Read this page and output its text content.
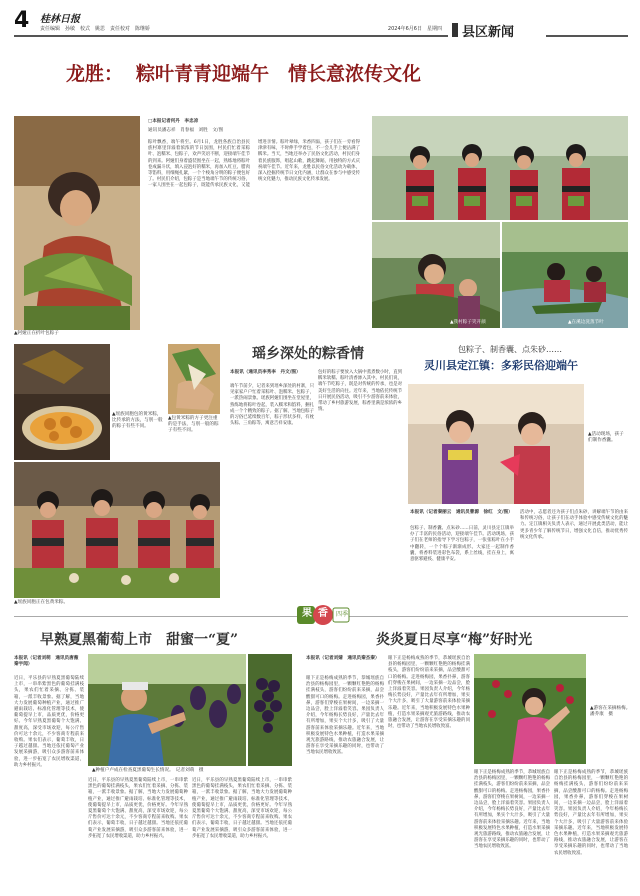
4	桂林日报
责任编辑　孙敏　校式　姚思　责任校对　陈继娇	2024年6月6日　星期四 县区新闻
龙胜： 粽叶青青迎端午　情长意浓传文化
▲阿娅正在折叶包粽子
□本报记者何丹　李忠凉
通讯员潘志祥　肖春福　刘胜　文/图
粽叶飘香，端午将至。6月1日，龙胜各族自治县民族村寨里洋溢着浓浓的节日氛围，村民们忙着采粽叶、泡糯米、包粽子，欢声笑语不断，迎接端午佳节的到来。阿娅们身着盛装围坐在一起，熟练地将粽叶卷成漏斗状，填入浸泡好的糯米，再加入红豆、腊肉等馅料，用细绳扎紧，一个个棱角分明的粽子便包好了。村民们介绍，包粽子是当地端午节的传统习俗，一家人围坐在一起包粽子，既能传承民族文化，又能增进亲情。粽叶翠绿，米香四溢，孩子们在一旁看得津津有味，不时伸手学着包，不一会儿手上便沾满了糯米。当天，当地还举办了民俗文化活动，村民们身着民族服饰，唱起山歌，跳起舞蹈，用独特的方式庆祝端午佳节。近年来，龙胜以民俗文化活动为载体，深入挖掘传统节日文化内涵，让群众在参与中感受传统文化魅力，推动民族文化传承发展。
▲我村粽子笑开颜	▲在溪边洗蒸节叶
▲瑶族同胞包的黄米粽，比传承的方法，与别一般的粽子有些不同。
▲包黄米粽的方子更注重的是手法，与别一般的粽子有些不同。
▲瑶族同胞正在包黄米粽。
瑶乡深处的粽香情
本报讯（通讯员李秀李　丹文/图）
端午节前夕，记者来到瑶乡深处的村寨，只见家家户户忙着采粽叶、泡糯米、包粽子，一派热闹景象。瑶族阿娅们围坐在堂屋里，熟练地将粽叶卷起，装入糯米和馅料，捆扎成一个个精致的粽子。据了解，当地包粽子的习俗已延续数百年，粽子形状多样，有枕头粽、三角粽等，寓意吉祥安康。
包好的粽子要放入大锅中蒸煮数小时，直到糯米软糯、粽叶清香渗入其中。村民们说，端午节吃粽子，既是对传统的传承，也是对美好生活的向往。近年来，当地依托传统节日开展民俗活动，吸引不少游客前来体验，带动了乡村旅游发展，粽香里满是浓浓的乡情。
包粽子、制香囊、点朱砂……
灵川县定江镇：多彩民俗迎端午
▲活动现场，孩子们制作香囊。
本报讯（记者秦丽云　通讯员曹源　徐红　文/图）
包粽子、制香囊、点朱砂……日前，灵川县定江镇举办了丰富的民俗活动，迎接端午佳节。活动现场，孩子们在老师的指导下学习包粽子，一张张粽叶在小手中翻转，一个个粽子渐渐成形。大家还一起制作香囊，将香料装进彩色布袋，系上丝线，挂在身上，寓意驱邪避疫、健康平安。
活动中，志愿者还为孩子们点朱砂，讲解端午节的由来和传统习俗，让孩子们在动手体验中感受传统文化的魅力。定江镇相关负责人表示，通过开展此类活动，能让更多青少年了解传统节日，增强文化自信，推动优秀传统文化传承。
果 香	四季
早熟夏黑葡萄上市　甜蜜一“夏”
本报讯（记者刘萌　通讯员唐薇　秦宇闻）
近日，平乐县的早熟夏黑葡萄陆续上市，一串串紫黑色的葡萄挂满枝头，果农们忙着采摘、分拣、装箱，一派丰收景象。据了解，当地大力发展葡萄种植产业，通过推广避雨栽培、标准化管理等技术，使葡萄提早上市，品质更优，价格更好。今年早熟夏黑葡萄个大饱满、甜度高，深受市场欢迎，每公斤售价可达十余元，不少客商专程前来收购。果农们表示，葡萄丰收，日子越过越甜。当地还依托葡萄产业发展采摘游，吸引众多游客前来体验，进一步拓宽了农民增收渠道，助力乡村振兴。
▲种植户卢成在检查夏黑葡萄生长情况。　记者刘萌　摄
近日，平乐县的早熟夏黑葡萄陆续上市，一串串紫黑色的葡萄挂满枝头，果农们忙着采摘、分拣、装箱，一派丰收景象。据了解，当地大力发展葡萄种植产业，通过推广避雨栽培、标准化管理等技术，使葡萄提早上市，品质更优，价格更好。今年早熟夏黑葡萄个大饱满、甜度高，深受市场欢迎，每公斤售价可达十余元，不少客商专程前来收购。果农们表示，葡萄丰收，日子越过越甜。当地还依托葡萄产业发展采摘游，吸引众多游客前来体验，进一步拓宽了农民增收渠道，助力乡村振兴。
近日，平乐县的早熟夏黑葡萄陆续上市，一串串紫黑色的葡萄挂满枝头，果农们忙着采摘、分拣、装箱，一派丰收景象。据了解，当地大力发展葡萄种植产业，通过推广避雨栽培、标准化管理等技术，使葡萄提早上市，品质更优，价格更好。今年早熟夏黑葡萄个大饱满、甜度高，深受市场欢迎，每公斤售价可达十余元，不少客商专程前来收购。果农们表示，葡萄丰收，日子越过越甜。当地还依托葡萄产业发展采摘游，吸引众多游客前来体验，进一步拓宽了农民增收渠道，助力乡村振兴。
炎炎夏日尽享“梅”好时光
本报讯（记者刘婧　通讯员秦杰秦）
眼下正是杨梅成熟的季节，恭城瑶族自治县的杨梅园里，一颗颗红艳艳的杨梅挂满枝头，游客们纷纷前来采摘，品尝酸甜可口的杨梅。走进杨梅园，果香扑鼻，游客们穿梭在果树间，一边采摘一边品尝，脸上洋溢着笑容。果园负责人介绍，今年杨梅长势良好，产量比去年有所增加，果实个大汁多，吸引了大量游客前来体验采摘乐趣。近年来，当地积极发展特色水果种植，打造水果采摘观光旅游路线，推动农旅融合发展，让游客在享受采摘乐趣的同时，也带动了当地农民增收致富。
眼下正是杨梅成熟的季节，恭城瑶族自治县的杨梅园里，一颗颗红艳艳的杨梅挂满枝头，游客们纷纷前来采摘，品尝酸甜可口的杨梅。走进杨梅园，果香扑鼻，游客们穿梭在果树间，一边采摘一边品尝，脸上洋溢着笑容。果园负责人介绍，今年杨梅长势良好，产量比去年有所增加，果实个大汁多，吸引了大量游客前来体验采摘乐趣。近年来，当地积极发展特色水果种植，打造水果采摘观光旅游路线，推动农旅融合发展，让游客在享受采摘乐趣的同时，也带动了当地农民增收致富。
▲游客在采摘杨梅。　潘乔康　摄
眼下正是杨梅成熟的季节，恭城瑶族自治县的杨梅园里，一颗颗红艳艳的杨梅挂满枝头，游客们纷纷前来采摘，品尝酸甜可口的杨梅。走进杨梅园，果香扑鼻，游客们穿梭在果树间，一边采摘一边品尝，脸上洋溢着笑容。果园负责人介绍，今年杨梅长势良好，产量比去年有所增加，果实个大汁多，吸引了大量游客前来体验采摘乐趣。近年来，当地积极发展特色水果种植，打造水果采摘观光旅游路线，推动农旅融合发展，让游客在享受采摘乐趣的同时，也带动了当地农民增收致富。
眼下正是杨梅成熟的季节，恭城瑶族自治县的杨梅园里，一颗颗红艳艳的杨梅挂满枝头，游客们纷纷前来采摘，品尝酸甜可口的杨梅。走进杨梅园，果香扑鼻，游客们穿梭在果树间，一边采摘一边品尝，脸上洋溢着笑容。果园负责人介绍，今年杨梅长势良好，产量比去年有所增加，果实个大汁多，吸引了大量游客前来体验采摘乐趣。近年来，当地积极发展特色水果种植，打造水果采摘观光旅游路线，推动农旅融合发展，让游客在享受采摘乐趣的同时，也带动了当地农民增收致富。
